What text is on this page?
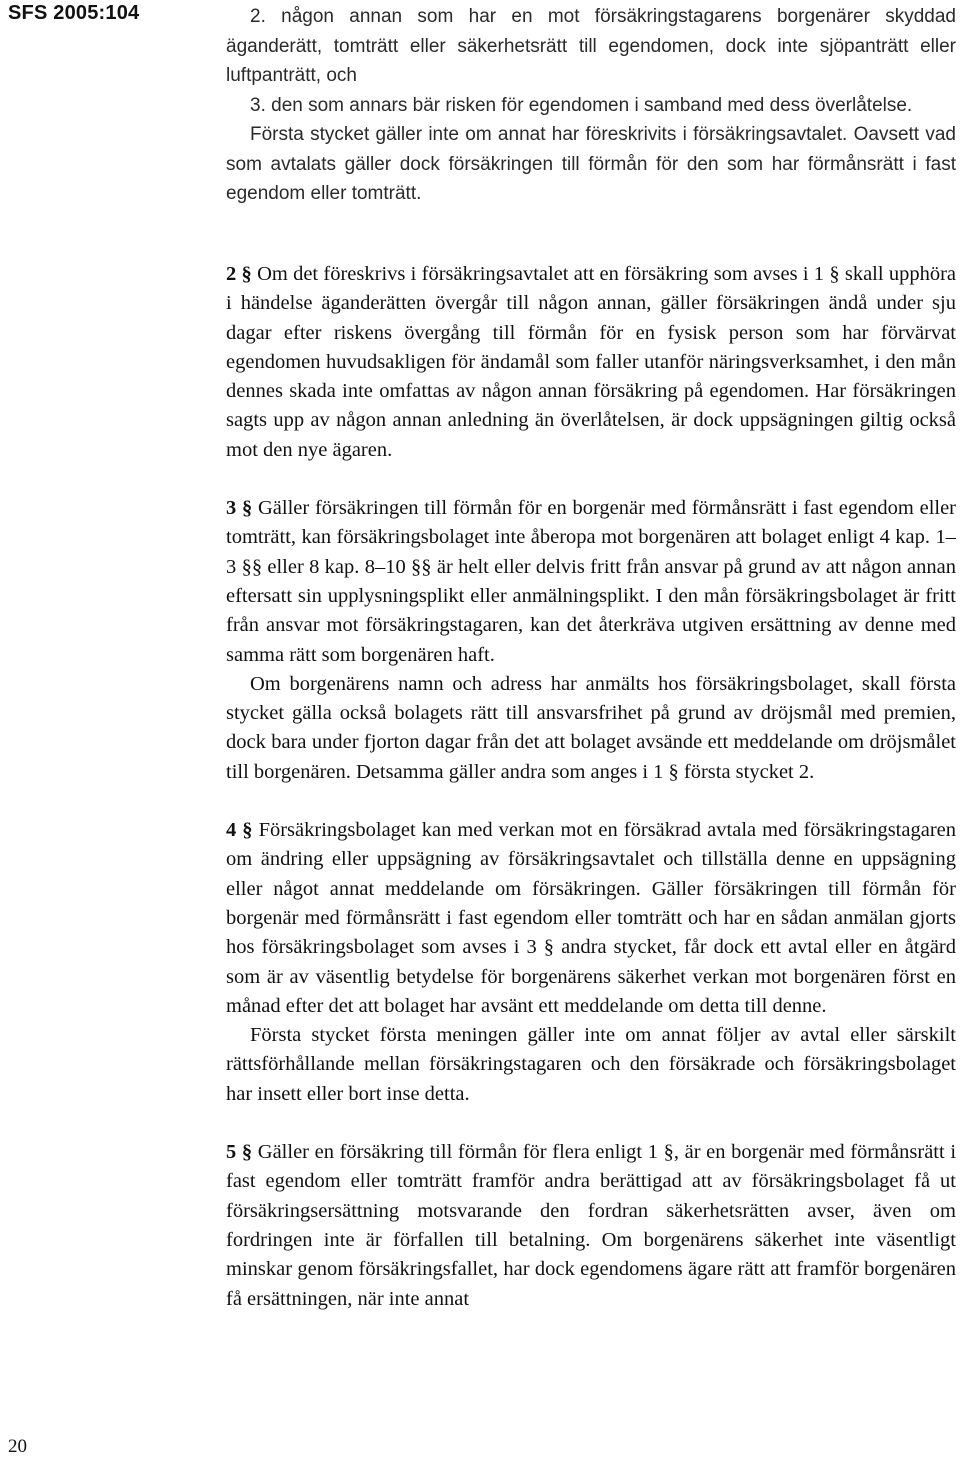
SFS 2005:104
20

2. någon annan som har en mot försäkringstagarens borgenärer skyddad äganderätt, tomträtt eller säkerhetsrätt till egendomen, dock inte sjöpanträtt eller luftpanträtt, och

3. den som annars bär risken för egendomen i samband med dess överlåtelse.

Första stycket gäller inte om annat har föreskrivits i försäkringsavtalet. Oavsett vad som avtalats gäller dock försäkringen till förmån för den som har förmånsrätt i fast egendom eller tomträtt.

2 § Om det föreskrivs i försäkringsavtalet att en försäkring som avses i 1 § skall upphöra i händelse äganderätten övergår till någon annan, gäller försäkringen ändå under sju dagar efter riskens övergång till förmån för en fysisk person som har förvärvat egendomen huvudsakligen för ändamål som faller utanför näringsverksamhet, i den mån dennes skada inte omfattas av någon annan försäkring på egendomen. Har försäkringen sagts upp av någon annan anledning än överlåtelsen, är dock uppsägningen giltig också mot den nye ägaren.

3 § Gäller försäkringen till förmån för en borgenär med förmånsrätt i fast egendom eller tomträtt, kan försäkringsbolaget inte åberopa mot borgenären att bolaget enligt 4 kap. 1–3 §§ eller 8 kap. 8–10 §§ är helt eller delvis fritt från ansvar på grund av att någon annan eftersatt sin upplysningsplikt eller anmälningsplikt. I den mån försäkringsbolaget är fritt från ansvar mot försäkringstagaren, kan det återkräva utgiven ersättning av denne med samma rätt som borgenären haft.

Om borgenärens namn och adress har anmälts hos försäkringsbolaget, skall första stycket gälla också bolagets rätt till ansvarsfrihet på grund av dröjsmål med premien, dock bara under fjorton dagar från det att bolaget avsände ett meddelande om dröjsmålet till borgenären. Detsamma gäller andra som anges i 1 § första stycket 2.

4 § Försäkringsbolaget kan med verkan mot en försäkrad avtala med försäkringstagaren om ändring eller uppsägning av försäkringsavtalet och tillställa denne en uppsägning eller något annat meddelande om försäkringen. Gäller försäkringen till förmån för borgenär med förmånsrätt i fast egendom eller tomträtt och har en sådan anmälan gjorts hos försäkringsbolaget som avses i 3 § andra stycket, får dock ett avtal eller en åtgärd som är av väsentlig betydelse för borgenärens säkerhet verkan mot borgenären först en månad efter det att bolaget har avsänt ett meddelande om detta till denne.

Första stycket första meningen gäller inte om annat följer av avtal eller särskilt rättsförhållande mellan försäkringstagaren och den försäkrade och försäkringsbolaget har insett eller bort inse detta.

5 § Gäller en försäkring till förmån för flera enligt 1 §, är en borgenär med förmånsrätt i fast egendom eller tomträtt framför andra berättigad att av försäkringsbolaget få ut försäkringsersättning motsvarande den fordran säkerhetsrätten avser, även om fordringen inte är förfallen till betalning. Om borgenärens säkerhet inte väsentligt minskar genom försäkringsfallet, har dock egendomens ägare rätt att framför borgenären få ersättningen, när inte annat
